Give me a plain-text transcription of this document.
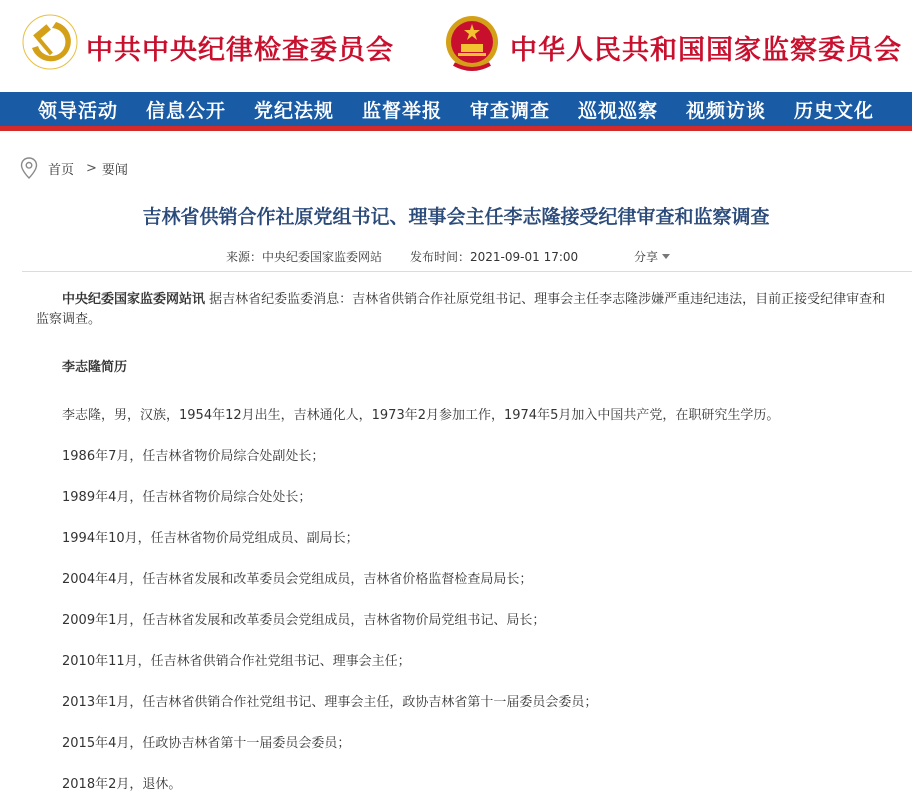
中共中央纪律检查委员会	中华人民共和国国家监察委员会
领导活动 信息公开 党纪法规 监督举报 审查调查 巡视巡察 视频访谈 历史文化
首页 > 要闻
吉林省供销合作社原党组书记、理事会主任李志隆接受纪律审查和监察调查
来源：中央纪委国家监委网站 发布时间：2021-09-01 17:00	分享

中央纪委国家监委网站讯 据吉林省纪委监委消息：吉林省供销合作社原党组书记、理事会主任李志隆涉嫌严重违纪违法，目前正接受纪律审查和监察调查。

李志隆简历

李志隆，男，汉族，1954年12月出生，吉林通化人，1973年2月参加工作，1974年5月加入中国共产党，在职研究生学历。

1986年7月，任吉林省物价局综合处副处长；

1989年4月，任吉林省物价局综合处处长；

1994年10月，任吉林省物价局党组成员、副局长；

2004年4月，任吉林省发展和改革委员会党组成员，吉林省价格监督检查局局长；

2009年1月，任吉林省发展和改革委员会党组成员，吉林省物价局党组书记、局长；

2010年11月，任吉林省供销合作社党组书记、理事会主任；

2013年1月，任吉林省供销合作社党组书记、理事会主任，政协吉林省第十一届委员会委员；

2015年4月，任政协吉林省第十一届委员会委员；

2018年2月，退休。
